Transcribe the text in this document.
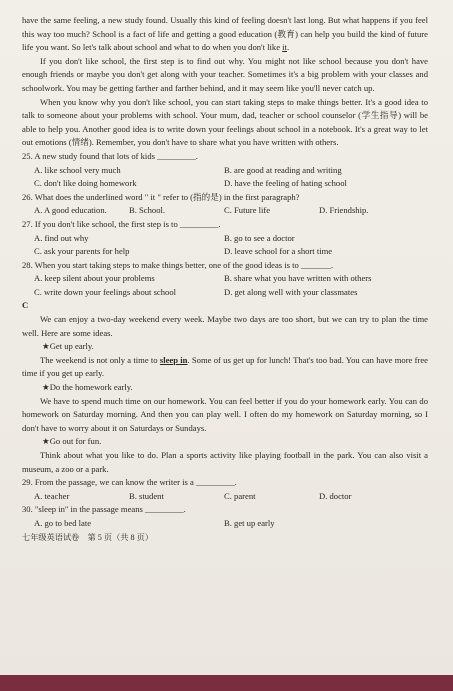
have the same feeling, a new study found. Usually this kind of feeling doesn't last long. But what happens if you feel this way too much? School is a fact of life and getting a good education (教育) can help you build the kind of future life you want. So let's talk about school and what to do when you don't like it.

If you don't like school, the first step is to find out why. You might not like school because you don't have enough friends or maybe you don't get along with your teacher. Sometimes it's a big problem with your classes and schoolwork. You may be getting farther and farther behind, and it may seem like you'll never catch up.

When you know why you don't like school, you can start taking steps to make things better. It's a good idea to talk to someone about your problems with school. Your mum, dad, teacher or school counselor (学生指导) will be able to help you. Another good idea is to write down your feelings about school in a notebook. It's a great way to let out emotions (情绪). Remember, you don't have to share what you have written with others.

25. A new study found that lots of kids _________.

A. like school very much	B. are good at reading and writing
C. don't like doing homework	D. have the feeling of hating school

26. What does the underlined word " it " refer to (指的是) in the first paragraph?

A. A good education.	B. School.	C. Future life	D. Friendship.

27. If you don't like school, the first step is to _________.

A. find out why	B. go to see a doctor
C. ask your parents for help	D. leave school for a short time

28. When you start taking steps to make things better, one of the good ideas is to _______.

A. keep silent about your problems	B. share what you have written with others
C. write down your feelings about school	D. get along well with your classmates

C

We can enjoy a two-day weekend every week. Maybe two days are too short, but we can try to plan the time well. Here are some ideas.

★Get up early.

The weekend is not only a time to sleep in. Some of us get up for lunch! That's too bad. You can have more free time if you get up early.

★Do the homework early.

We have to spend much time on our homework. You can feel better if you do your homework early. You can do homework on Saturday morning. And then you can play well. I often do my homework on Saturday morning, so I don't have to worry about it on Saturdays or Sundays.

★Go out for fun.

Think about what you like to do. Plan a sports activity like playing football in the park. You can also visit a museum, a zoo or a park.

29. From the passage, we can know the writer is a _________.

A. teacher	B. student	C. parent	D. doctor

30. "sleep in" in the passage means _________.

A. go to bed late	B. get up early

七年级英语试卷　第 5 页（共 8 页）
